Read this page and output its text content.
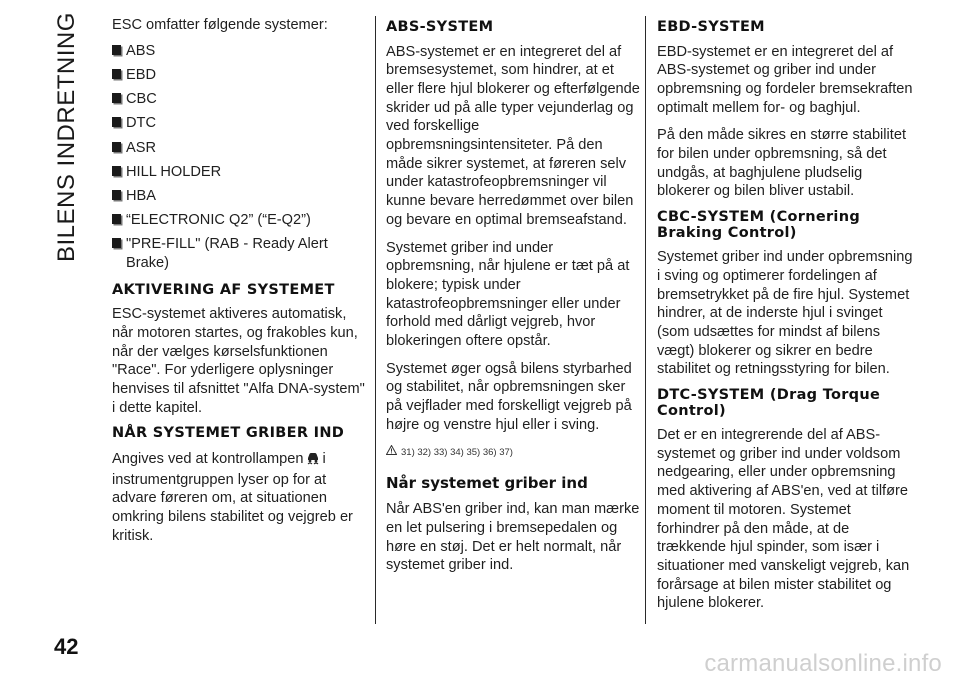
BILENS INDRETNING
42

ESC omfatter følgende systemer:

ABS
EBD
CBC
DTC
ASR
HILL HOLDER
HBA
“ELECTRONIC Q2” (“E-Q2”)
"PRE-FILL" (RAB - Ready Alert Brake)
AKTIVERING AF SYSTEMET

ESC-systemet aktiveres automatisk, når motoren startes, og frakobles kun, når der vælges kørselsfunktionen "Race". For yderligere oplysninger henvises til afsnittet "Alfa DNA-system" i dette kapitel.

NÅR SYSTEMET GRIBER IND

Angives ved at kontrollampen i instrumentgruppen lyser op for at advare føreren om, at situationen omkring bilens stabilitet og vejgreb er kritisk.

ABS-SYSTEM

ABS-systemet er en integreret del af bremsesystemet, som hindrer, at et eller flere hjul blokerer og efterfølgende skrider ud på alle typer vejunderlag og ved forskellige opbremsningsintensiteter. På den måde sikrer systemet, at føreren selv under katastrofeopbremsninger vil kunne bevare herredømmet over bilen og bevare en optimal bremseafstand.

Systemet griber ind under opbremsning, når hjulene er tæt på at blokere; typisk under katastrofeopbremsninger eller under forhold med dårligt vejgreb, hvor blokeringen oftere opstår.

Systemet øger også bilens styrbarhed og stabilitet, når opbremsningen sker på vejflader med forskelligt vejgreb på højre og venstre hjul eller i sving.

31) 32) 33) 34) 35) 36) 37)
Når systemet griber ind

Når ABS'en griber ind, kan man mærke en let pulsering i bremsepedalen og høre en støj. Det er helt normalt, når systemet griber ind.

EBD-SYSTEM

EBD-systemet er en integreret del af ABS-systemet og griber ind under opbremsning og fordeler bremsekraften optimalt mellem for- og baghjul.

På den måde sikres en større stabilitet for bilen under opbremsning, så det undgås, at baghjulene pludselig blokerer og bilen bliver ustabil.

CBC-SYSTEM (Cornering Braking Control)

Systemet griber ind under opbremsning i sving og optimerer fordelingen af bremsetrykket på de fire hjul. Systemet hindrer, at de inderste hjul i svinget (som udsættes for mindst af bilens vægt) blokerer og sikrer en bedre stabilitet og retningsstyring for bilen.

DTC-SYSTEM (Drag Torque Control)

Det er en integrerende del af ABS-systemet og griber ind under voldsom nedgearing, eller under opbremsning med aktivering af ABS'en, ved at tilføre moment til motoren. Systemet forhindrer på den måde, at de trækkende hjul spinder, som især i situationer med vanskeligt vejgreb, kan forårsage at bilen mister stabilitet og hjulene blokerer.

carmanualsonline.info
